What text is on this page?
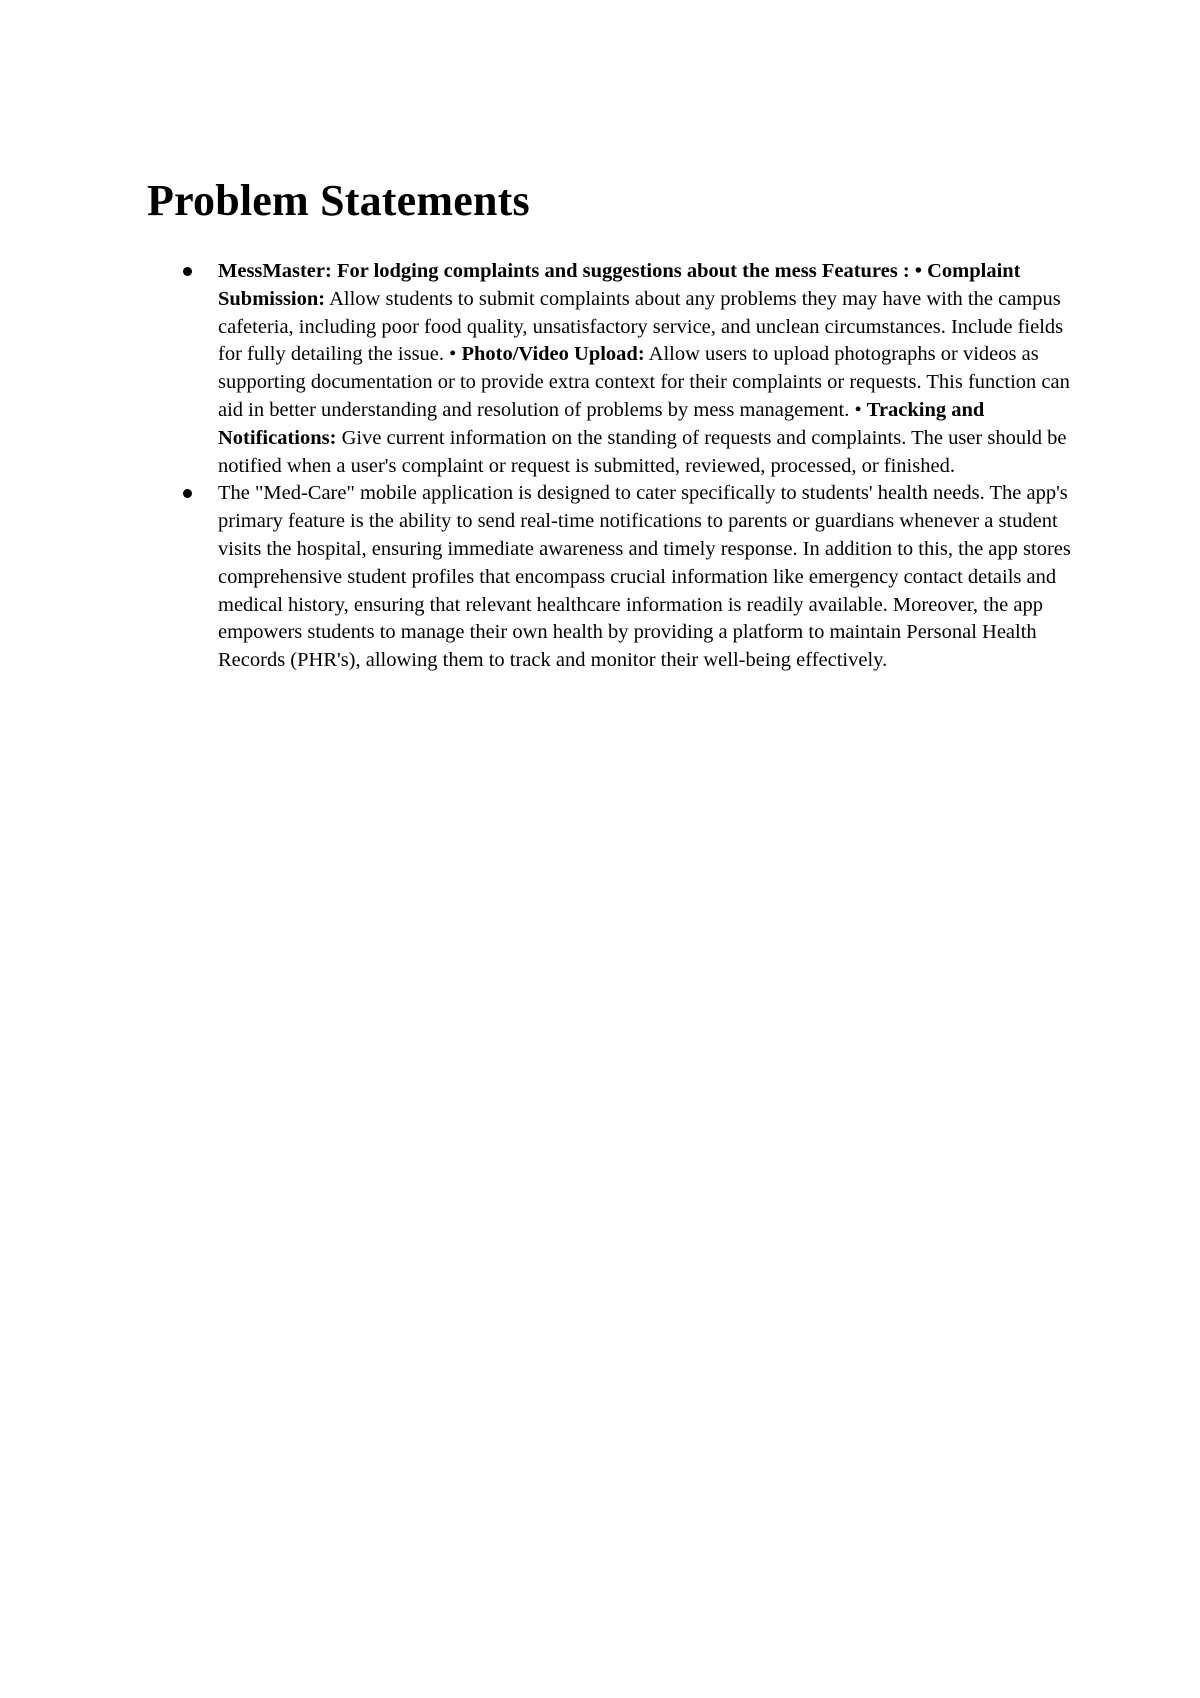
Problem Statements
MessMaster: For lodging complaints and suggestions about the mess Features : • Complaint Submission: Allow students to submit complaints about any problems they may have with the campus cafeteria, including poor food quality, unsatisfactory service, and unclean circumstances. Include fields for fully detailing the issue. • Photo/Video Upload: Allow users to upload photographs or videos as supporting documentation or to provide extra context for their complaints or requests. This function can aid in better understanding and resolution of problems by mess management. • Tracking and Notifications: Give current information on the standing of requests and complaints. The user should be notified when a user's complaint or request is submitted, reviewed, processed, or finished.
The "Med-Care" mobile application is designed to cater specifically to students' health needs. The app's primary feature is the ability to send real-time notifications to parents or guardians whenever a student visits the hospital, ensuring immediate awareness and timely response. In addition to this, the app stores comprehensive student profiles that encompass crucial information like emergency contact details and medical history, ensuring that relevant healthcare information is readily available. Moreover, the app empowers students to manage their own health by providing a platform to maintain Personal Health Records (PHR's), allowing them to track and monitor their well-being effectively.
